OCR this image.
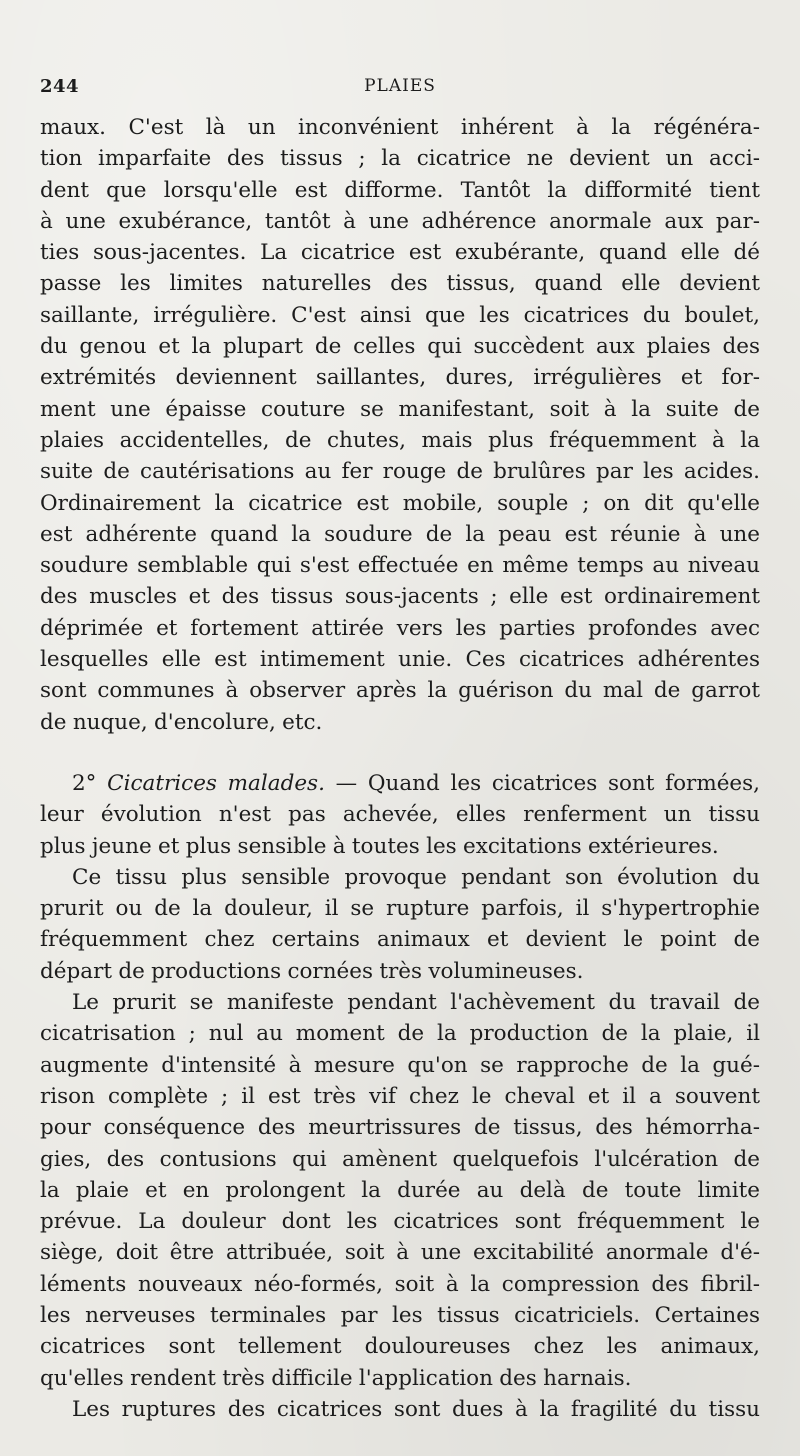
244	PLAIES
maux. C'est là un inconvénient inhérent à la régénéra-
tion imparfaite des tissus ; la cicatrice ne devient un acci-
dent que lorsqu'elle est difforme. Tantôt la difformité tient
à une exubérance, tantôt à une adhérence anormale aux par-
ties sous-jacentes. La cicatrice est exubérante, quand elle dé
passe les limites naturelles des tissus, quand elle devient
saillante, irrégulière. C'est ainsi que les cicatrices du boulet,
du genou et la plupart de celles qui succèdent aux plaies des
extrémités deviennent saillantes, dures, irrégulières et for-
ment une épaisse couture se manifestant, soit à la suite de
plaies accidentelles, de chutes, mais plus fréquemment à la
suite de cautérisations au fer rouge de brulûres par les acides.
Ordinairement la cicatrice est mobile, souple ; on dit qu'elle
est adhérente quand la soudure de la peau est réunie à une
soudure semblable qui s'est effectuée en même temps au niveau
des muscles et des tissus sous-jacents ; elle est ordinairement
déprimée et fortement attirée vers les parties profondes avec
lesquelles elle est intimement unie. Ces cicatrices adhérentes
sont communes à observer après la guérison du mal de garrot
de nuque, d'encolure, etc.
2° Cicatrices malades. — Quand les cicatrices sont formées,
leur évolution n'est pas achevée, elles renferment un tissu
plus jeune et plus sensible à toutes les excitations extérieures.
Ce tissu plus sensible provoque pendant son évolution du
prurit ou de la douleur, il se rupture parfois, il s'hypertrophie
fréquemment chez certains animaux et devient le point de
départ de productions cornées très volumineuses.
Le prurit se manifeste pendant l'achèvement du travail de
cicatrisation ; nul au moment de la production de la plaie, il
augmente d'intensité à mesure qu'on se rapproche de la gué-
rison complète ; il est très vif chez le cheval et il a souvent
pour conséquence des meurtrissures de tissus, des hémorrha-
gies, des contusions qui amènent quelquefois l'ulcération de
la plaie et en prolongent la durée au delà de toute limite
prévue. La douleur dont les cicatrices sont fréquemment le
siège, doit être attribuée, soit à une excitabilité anormale d'é-
léments nouveaux néo-formés, soit à la compression des fibril-
les nerveuses terminales par les tissus cicatriciels. Certaines
cicatrices sont tellement douloureuses chez les animaux,
qu'elles rendent très difficile l'application des harnais.
Les ruptures des cicatrices sont dues à la fragilité du tissu
